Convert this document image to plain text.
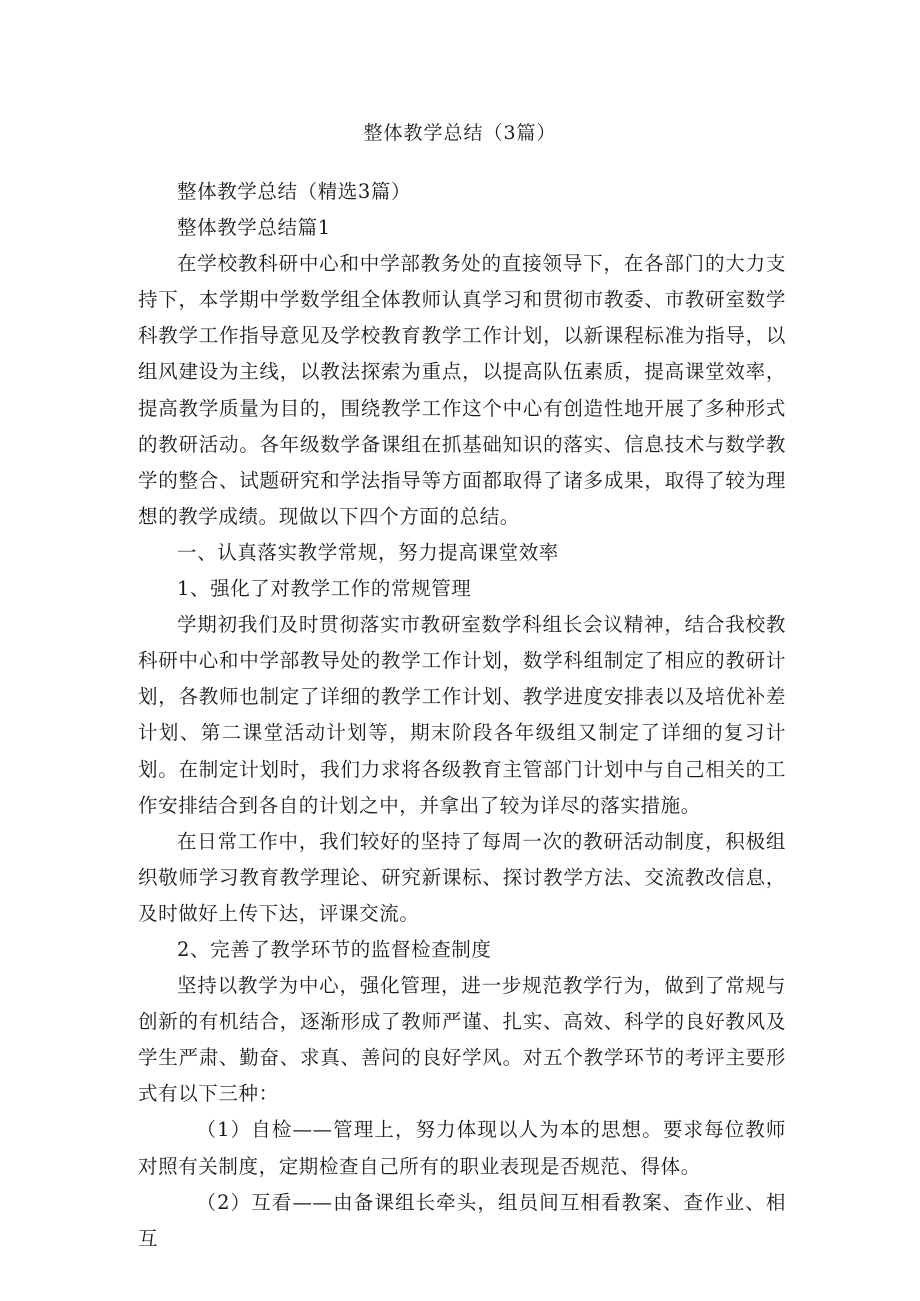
整体教学总结（3篇）

整体教学总结（精选3篇）

整体教学总结篇1

在学校教科研中心和中学部教务处的直接领导下，在各部门的大力支持下，本学期中学数学组全体教师认真学习和贯彻市教委、市教研室数学科教学工作指导意见及学校教育教学工作计划，以新课程标准为指导，以组风建设为主线，以教法探索为重点，以提高队伍素质，提高课堂效率，提高教学质量为目的，围绕教学工作这个中心有创造性地开展了多种形式的教研活动。各年级数学备课组在抓基础知识的落实、信息技术与数学教学的整合、试题研究和学法指导等方面都取得了诸多成果，取得了较为理想的教学成绩。现做以下四个方面的总结。

一、认真落实教学常规，努力提高课堂效率

1、强化了对教学工作的常规管理

学期初我们及时贯彻落实市教研室数学科组长会议精神，结合我校教科研中心和中学部教导处的教学工作计划，数学科组制定了相应的教研计划，各教师也制定了详细的教学工作计划、教学进度安排表以及培优补差计划、第二课堂活动计划等，期末阶段各年级组又制定了详细的复习计划。在制定计划时，我们力求将各级教育主管部门计划中与自己相关的工作安排结合到各自的计划之中，并拿出了较为详尽的落实措施。

在日常工作中，我们较好的坚持了每周一次的教研活动制度，积极组织敬师学习教育教学理论、研究新课标、探讨教学方法、交流教改信息，及时做好上传下达，评课交流。

2、完善了教学环节的监督检查制度

坚持以教学为中心，强化管理，进一步规范教学行为，做到了常规与创新的有机结合，逐渐形成了教师严谨、扎实、高效、科学的良好教风及学生严肃、勤奋、求真、善问的良好学风。对五个教学环节的考评主要形式有以下三种：

（1）自检——管理上，努力体现以人为本的思想。要求每位教师对照有关制度，定期检查自己所有的职业表现是否规范、得体。

（2）互看——由备课组长牵头，组员间互相看教案、查作业、相互
